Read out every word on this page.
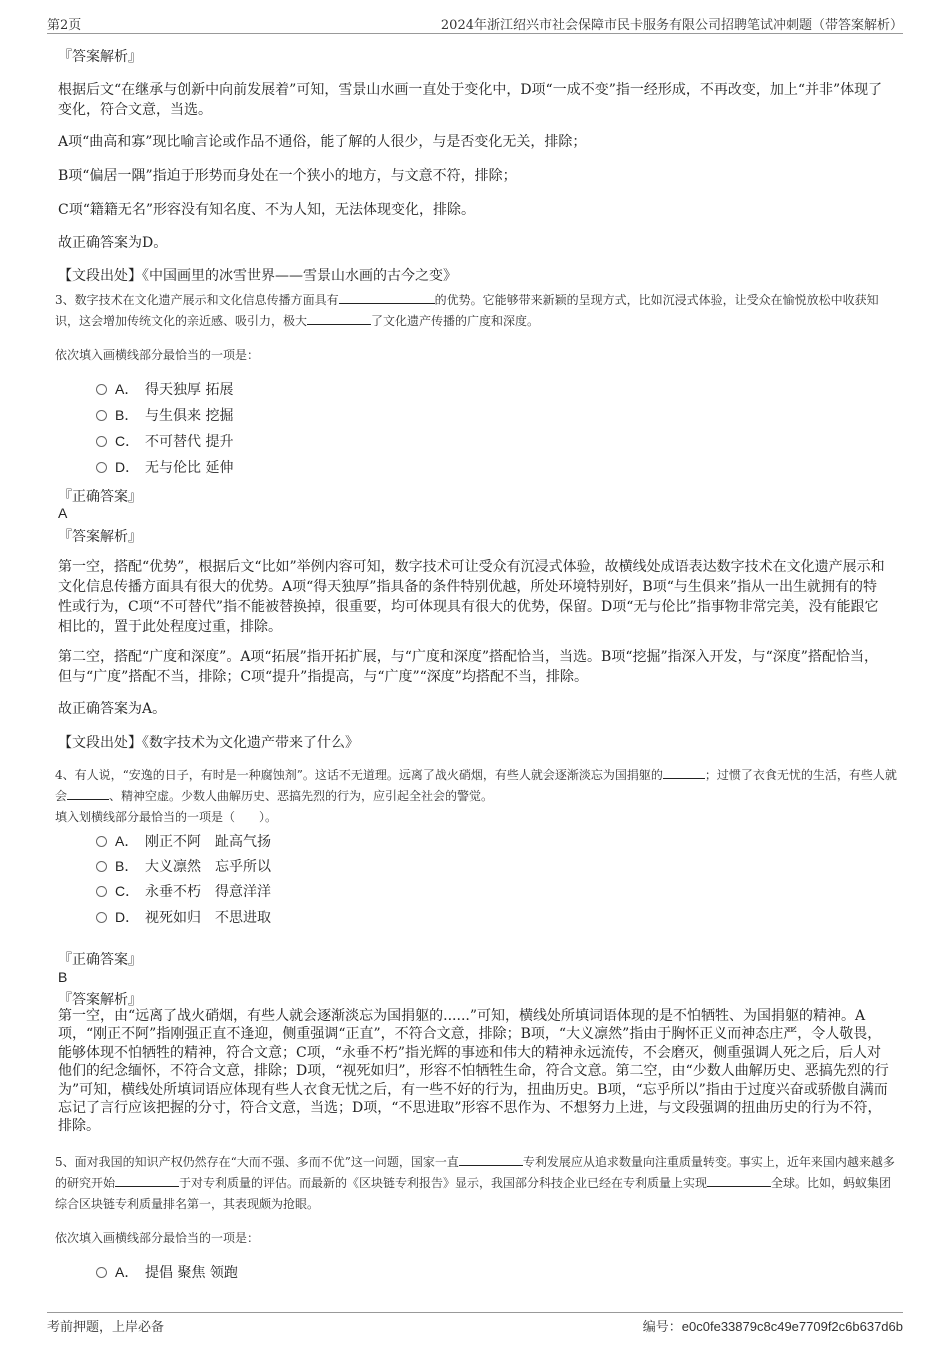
第2页	2024年浙江绍兴市社会保障市民卡服务有限公司招聘笔试冲刺题（带答案解析）
『答案解析』
根据后文“在继承与创新中向前发展着”可知，雪景山水画一直处于变化中，D项“一成不变”指一经形成，不再改变，加上“并非”体现了变化，符合文意，当选。
A项“曲高和寡”现比喻言论或作品不通俗，能了解的人很少，与是否变化无关，排除；
B项“偏居一隅”指迫于形势而身处在一个狭小的地方，与文意不符，排除；
C项“籍籍无名”形容没有知名度、不为人知，无法体现变化，排除。
故正确答案为D。
【文段出处】《中国画里的冰雪世界——雪景山水画的古今之变》
3、数字技术在文化遗产展示和文化信息传播方面具有	的优势。它能够带来新颖的呈现方式，比如沉浸式体验，让受众在愉悦放松中收获知识，这会增加传统文化的亲近感、吸引力，极大	了文化遗产传播的广度和深度。
依次填入画横线部分最恰当的一项是：
A． 得天独厚 拓展
B． 与生俱来 挖掘
C． 不可替代 提升
D． 无与伦比 延伸
『正确答案』
A
『答案解析』
第一空，搭配“优势”，根据后文“比如”举例内容可知，数字技术可让受众有沉浸式体验，故横线处成语表达数字技术在文化遗产展示和文化信息传播方面具有很大的优势。A项“得天独厚”指具备的条件特别优越，所处环境特别好，B项“与生俱来”指从一出生就拥有的特性或行为，C项“不可替代”指不能被替换掉，很重要，均可体现具有很大的优势，保留。D项“无与伦比”指事物非常完美，没有能跟它相比的，置于此处程度过重，排除。
第二空，搭配“广度和深度”。A项“拓展”指开拓扩展，与“广度和深度”搭配恰当，当选。B项“挖掘”指深入开发，与“深度”搭配恰当，但与“广度”搭配不当，排除；C项“提升”指提高，与“广度”“深度”均搭配不当，排除。
故正确答案为A。
【文段出处】《数字技术为文化遗产带来了什么》
4、有人说，“安逸的日子，有时是一种腐蚀剂”。这话不无道理。远离了战火硝烟，有些人就会逐渐淡忘为国捐躯的	；过惯了衣食无忧的生活，有些人就会	、精神空虚。少数人曲解历史、恶搞先烈的行为，应引起全社会的警觉。
填入划横线部分最恰当的一项是（　　）。
A． 刚正不阿　趾高气扬
B． 大义凛然　忘乎所以
C． 永垂不朽　得意洋洋
D． 视死如归　不思进取
『正确答案』
B
『答案解析』
第一空，由“远离了战火硝烟，有些人就会逐渐淡忘为国捐躯的......”可知，横线处所填词语体现的是不怕牺牲、为国捐躯的精神。A项，“刚正不阿”指刚强正直不逢迎，侧重强调“正直”，不符合文意，排除；B项，“大义凛然”指由于胸怀正义而神态庄严，令人敬畏，能够体现不怕牺牲的精神，符合文意；C项，“永垂不朽”指光辉的事迹和伟大的精神永远流传，不会磨灭，侧重强调人死之后，后人对他们的纪念缅怀，不符合文意，排除；D项，“视死如归”，形容不怕牺牲生命，符合文意。第二空，由“少数人曲解历史、恶搞先烈的行为”可知，横线处所填词语应体现有些人衣食无忧之后，有一些不好的行为，扭曲历史。B项，“忘乎所以”指由于过度兴奋或骄傲自满而忘记了言行应该把握的分寸，符合文意，当选；D项，“不思进取”形容不思作为、不想努力上进，与文段强调的扭曲历史的行为不符，排除。
5、面对我国的知识产权仍然存在“大而不强、多而不优”这一问题，国家一直	专利发展应从追求数量向注重质量转变。事实上，近年来国内越来越多的研究开始	于对专利质量的评估。而最新的《区块链专利报告》显示，我国部分科技企业已经在专利质量上实现	全球。比如，蚂蚁集团综合区块链专利质量排名第一，其表现颇为抢眼。
依次填入画横线部分最恰当的一项是：
A． 提倡 聚焦 领跑
考前押题，上岸必备	编号：e0c0fe33879c8c49e7709f2c6b637d6b
